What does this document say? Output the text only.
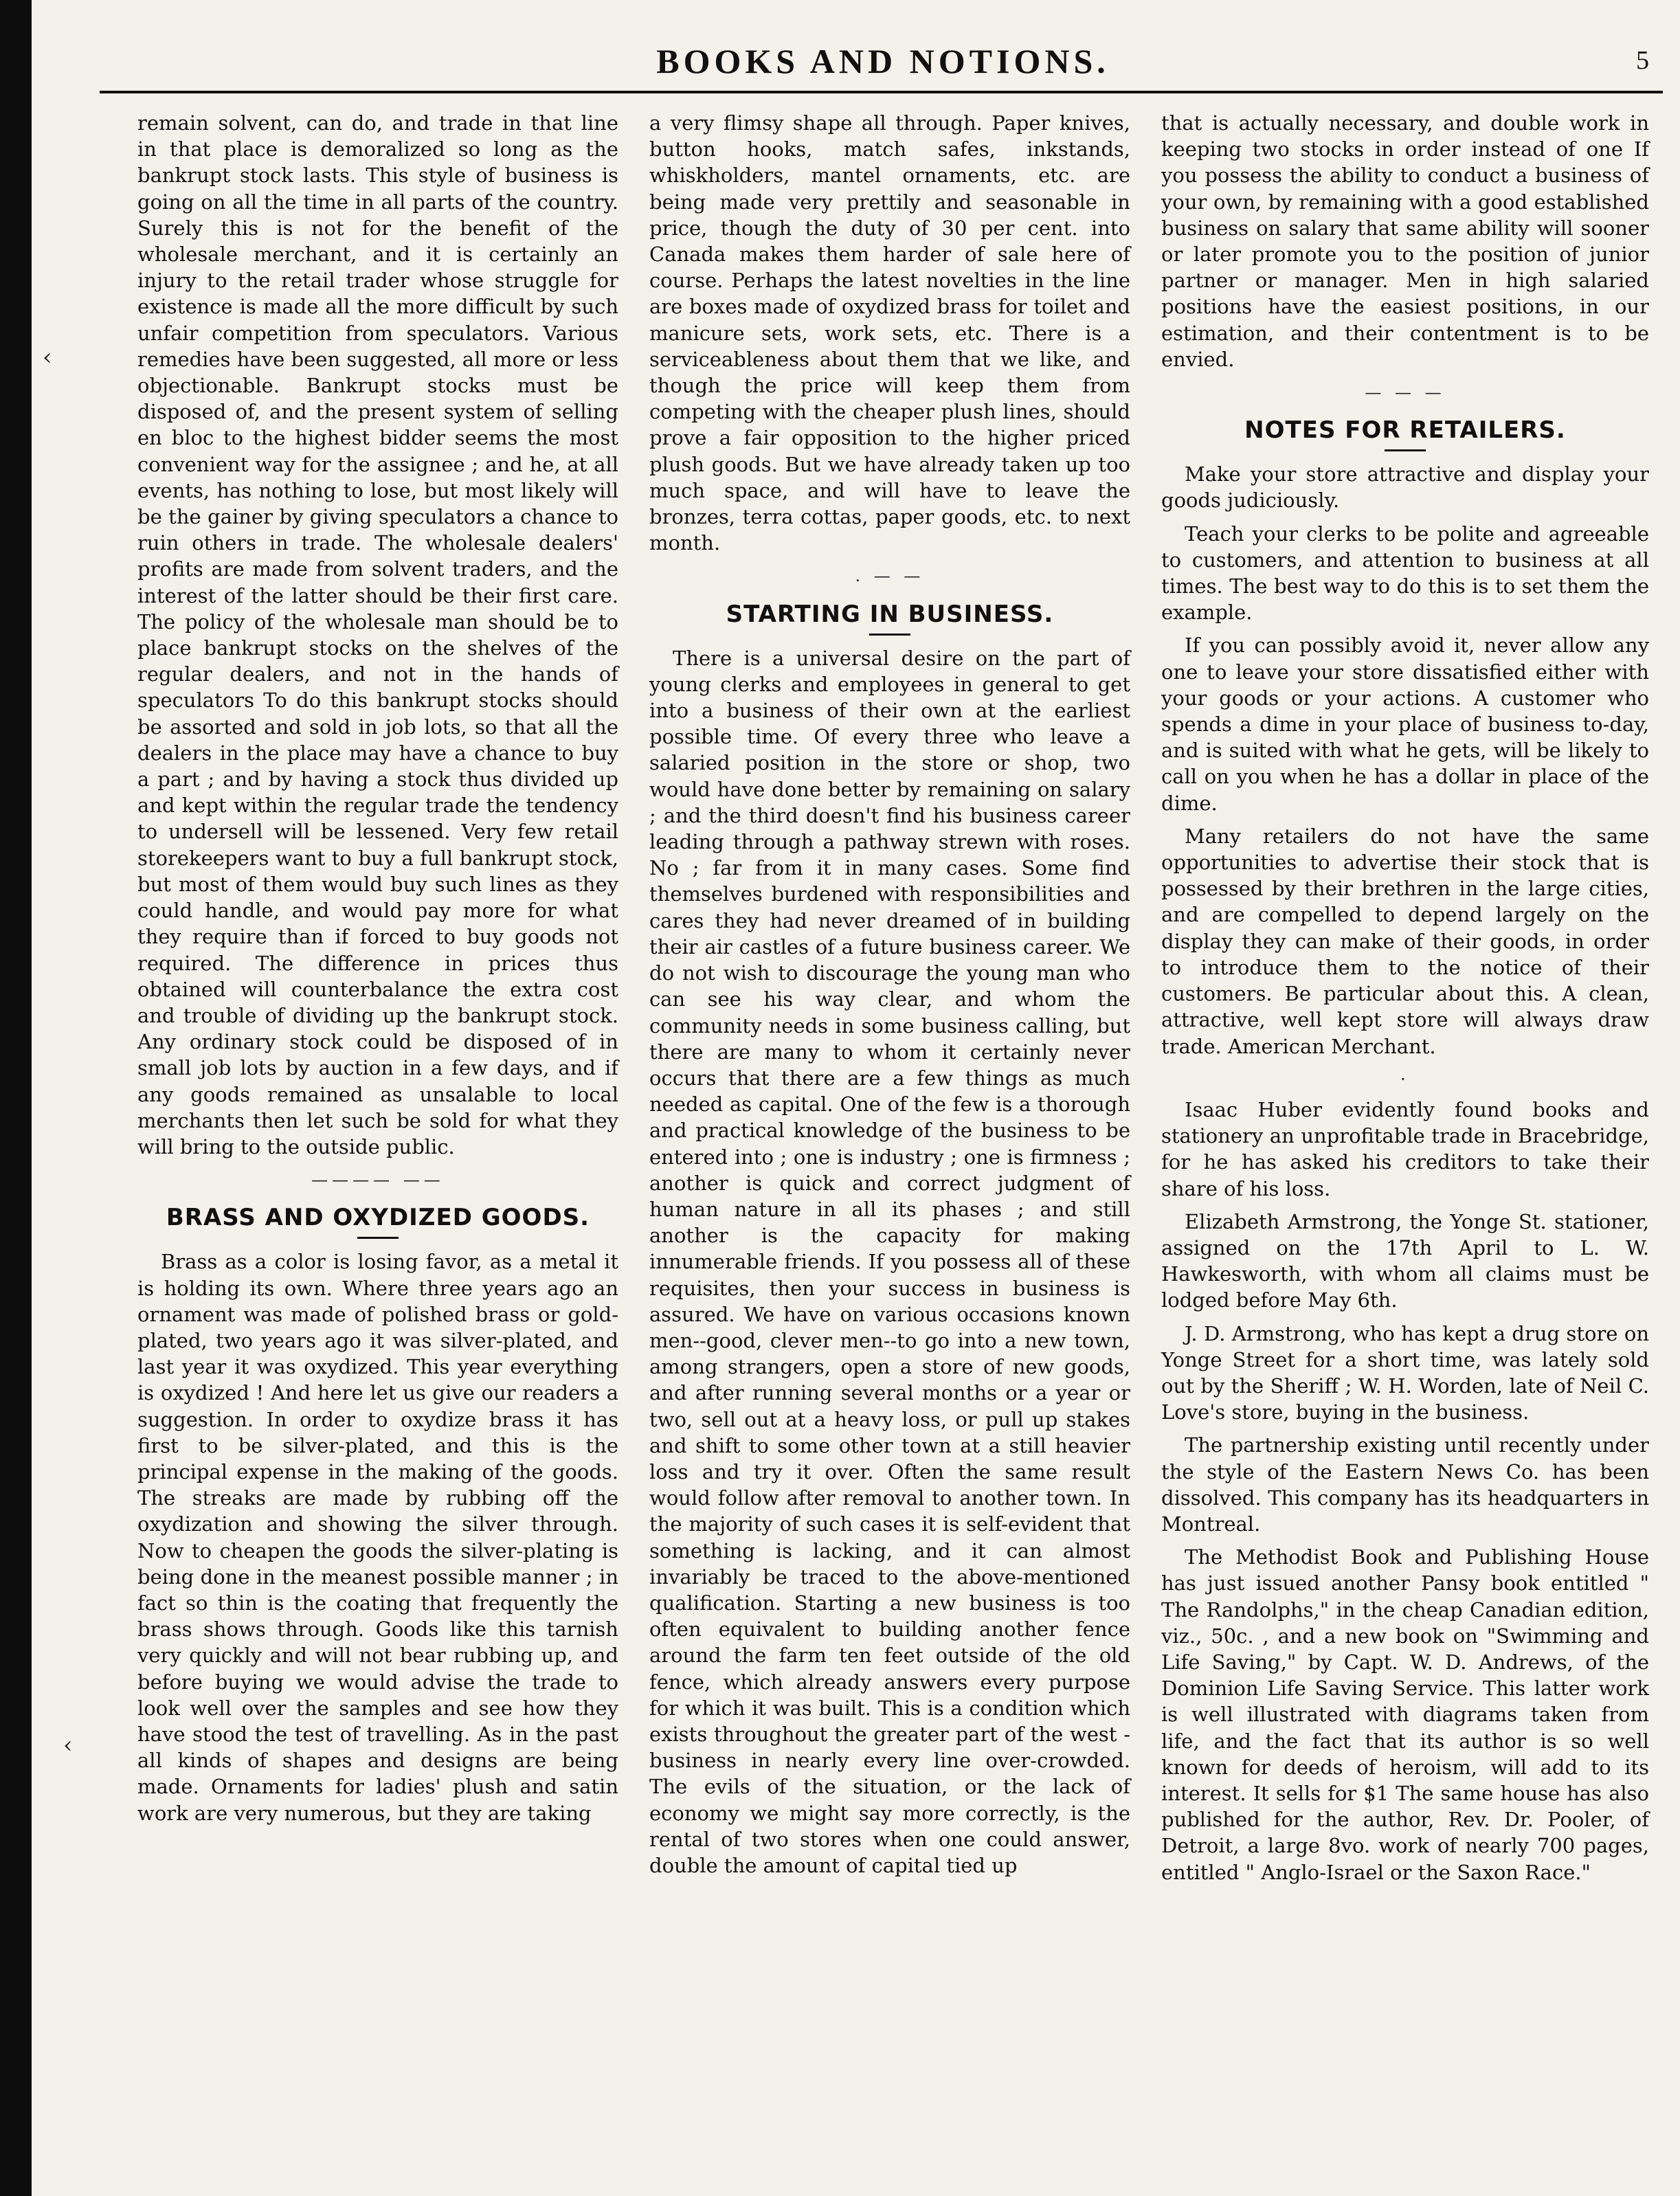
‹
‹
BOOKS AND NOTIONS.	5

remain solvent, can do, and trade in that line in that place is demoralized so long as the bankrupt stock lasts. This style of business is going on all the time in all parts of the country. Surely this is not for the benefit of the wholesale merchant, and it is certainly an injury to the retail trader whose struggle for existence is made all the more difficult by such unfair competition from speculators. Various remedies have been suggested, all more or less objectionable. Bankrupt stocks must be disposed of, and the present system of selling en bloc to the highest bidder seems the most convenient way for the assignee ; and he, at all events, has nothing to lose, but most likely will be the gainer by giving speculators a chance to ruin others in trade. The wholesale dealers' profits are made from solvent traders, and the interest of the latter should be their first care. The policy of the wholesale man should be to place bankrupt stocks on the shelves of the regular dealers, and not in the hands of speculators To do this bankrupt stocks should be assorted and sold in job lots, so that all the dealers in the place may have a chance to buy a part ; and by having a stock thus divided up and kept within the regular trade the tendency to undersell will be lessened. Very few retail storekeepers want to buy a full bankrupt stock, but most of them would buy such lines as they could handle, and would pay more for what they require than if forced to buy goods not required. The difference in prices thus obtained will counterbalance the extra cost and trouble of dividing up the bankrupt stock. Any ordinary stock could be disposed of in small job lots by auction in a few days, and if any goods remained as unsalable to local merchants then let such be sold for what they will bring to the outside public.

———— ——
BRASS AND OXYDIZED GOODS.

Brass as a color is losing favor, as a metal it is holding its own. Where three years ago an ornament was made of polished brass or gold-plated, two years ago it was silver-plated, and last year it was oxydized. This year everything is oxydized ! And here let us give our readers a suggestion. In order to oxydize brass it has first to be silver-plated, and this is the principal expense in the making of the goods. The streaks are made by rubbing off the oxydization and showing the silver through. Now to cheapen the goods the silver-plating is being done in the meanest possible manner ; in fact so thin is the coating that frequently the brass shows through. Goods like this tarnish very quickly and will not bear rubbing up, and before buying we would advise the trade to look well over the samples and see how they have stood the test of travelling. As in the past all kinds of shapes and designs are being made. Ornaments for ladies' plush and satin work are very numerous, but they are taking

a very flimsy shape all through. Paper knives, button hooks, match safes, inkstands, whiskholders, mantel ornaments, etc. are being made very prettily and seasonable in price, though the duty of 30 per cent. into Canada makes them harder of sale here of course. Perhaps the latest novelties in the line are boxes made of oxydized brass for toilet and manicure sets, work sets, etc. There is a serviceableness about them that we like, and though the price will keep them from competing with the cheaper plush lines, should prove a fair opposition to the higher priced plush goods. But we have already taken up too much space, and will have to leave the bronzes, terra cottas, paper goods, etc. to next month.

. — —
STARTING IN BUSINESS.

There is a universal desire on the part of young clerks and employees in general to get into a business of their own at the earliest possible time. Of every three who leave a salaried position in the store or shop, two would have done better by remaining on salary ; and the third doesn't find his business career leading through a pathway strewn with roses. No ; far from it in many cases. Some find themselves burdened with responsibilities and cares they had never dreamed of in building their air castles of a future business career. We do not wish to discourage the young man who can see his way clear, and whom the community needs in some business calling, but there are many to whom it certainly never occurs that there are a few things as much needed as capital. One of the few is a thorough and practical knowledge of the business to be entered into ; one is industry ; one is firmness ; another is quick and correct judgment of human nature in all its phases ; and still another is the capacity for making innumerable friends. If you possess all of these requisites, then your success in business is assured. We have on various occasions known men--good, clever men--to go into a new town, among strangers, open a store of new goods, and after running several months or a year or two, sell out at a heavy loss, or pull up stakes and shift to some other town at a still heavier loss and try it over. Often the same result would follow after removal to another town. In the majority of such cases it is self-evident that something is lacking, and it can almost invariably be traced to the above-mentioned qualification. Starting a new business is too often equivalent to building another fence around the farm ten feet outside of the old fence, which already answers every purpose for which it was built. This is a condition which exists throughout the greater part of the west -business in nearly every line over-crowded. The evils of the situation, or the lack of economy we might say more correctly, is the rental of two stores when one could answer, double the amount of capital tied up

that is actually necessary, and double work in keeping two stocks in order instead of one If you possess the ability to conduct a business of your own, by remaining with a good established business on salary that same ability will sooner or later promote you to the position of junior partner or manager. Men in high salaried positions have the easiest positions, in our estimation, and their contentment is to be envied.

— — —
NOTES FOR RETAILERS.

Make your store attractive and display your goods judiciously.

Teach your clerks to be polite and agreeable to customers, and attention to business at all times. The best way to do this is to set them the example.

If you can possibly avoid it, never allow any one to leave your store dissatisfied either with your goods or your actions. A customer who spends a dime in your place of business to-day, and is suited with what he gets, will be likely to call on you when he has a dollar in place of the dime.

Many retailers do not have the same opportunities to advertise their stock that is possessed by their brethren in the large cities, and are compelled to depend largely on the display they can make of their goods, in order to introduce them to the notice of their customers. Be particular about this. A clean, attractive, well kept store will always draw trade. American Merchant.

·

Isaac Huber evidently found books and stationery an unprofitable trade in Bracebridge, for he has asked his creditors to take their share of his loss.

Elizabeth Armstrong, the Yonge St. stationer, assigned on the 17th April to L. W. Hawkesworth, with whom all claims must be lodged before May 6th.

J. D. Armstrong, who has kept a drug store on Yonge Street for a short time, was lately sold out by the Sheriff ; W. H. Worden, late of Neil C. Love's store, buying in the business.

The partnership existing until recently under the style of the Eastern News Co. has been dissolved. This company has its headquarters in Montreal.

The Methodist Book and Publishing House has just issued another Pansy book entitled " The Randolphs," in the cheap Canadian edition, viz., 50c. , and a new book on "Swimming and Life Saving," by Capt. W. D. Andrews, of the Dominion Life Saving Service. This latter work is well illustrated with diagrams taken from life, and the fact that its author is so well known for deeds of heroism, will add to its interest. It sells for $1 The same house has also published for the author, Rev. Dr. Pooler, of Detroit, a large 8vo. work of nearly 700 pages, entitled " Anglo-Israel or the Saxon Race."
